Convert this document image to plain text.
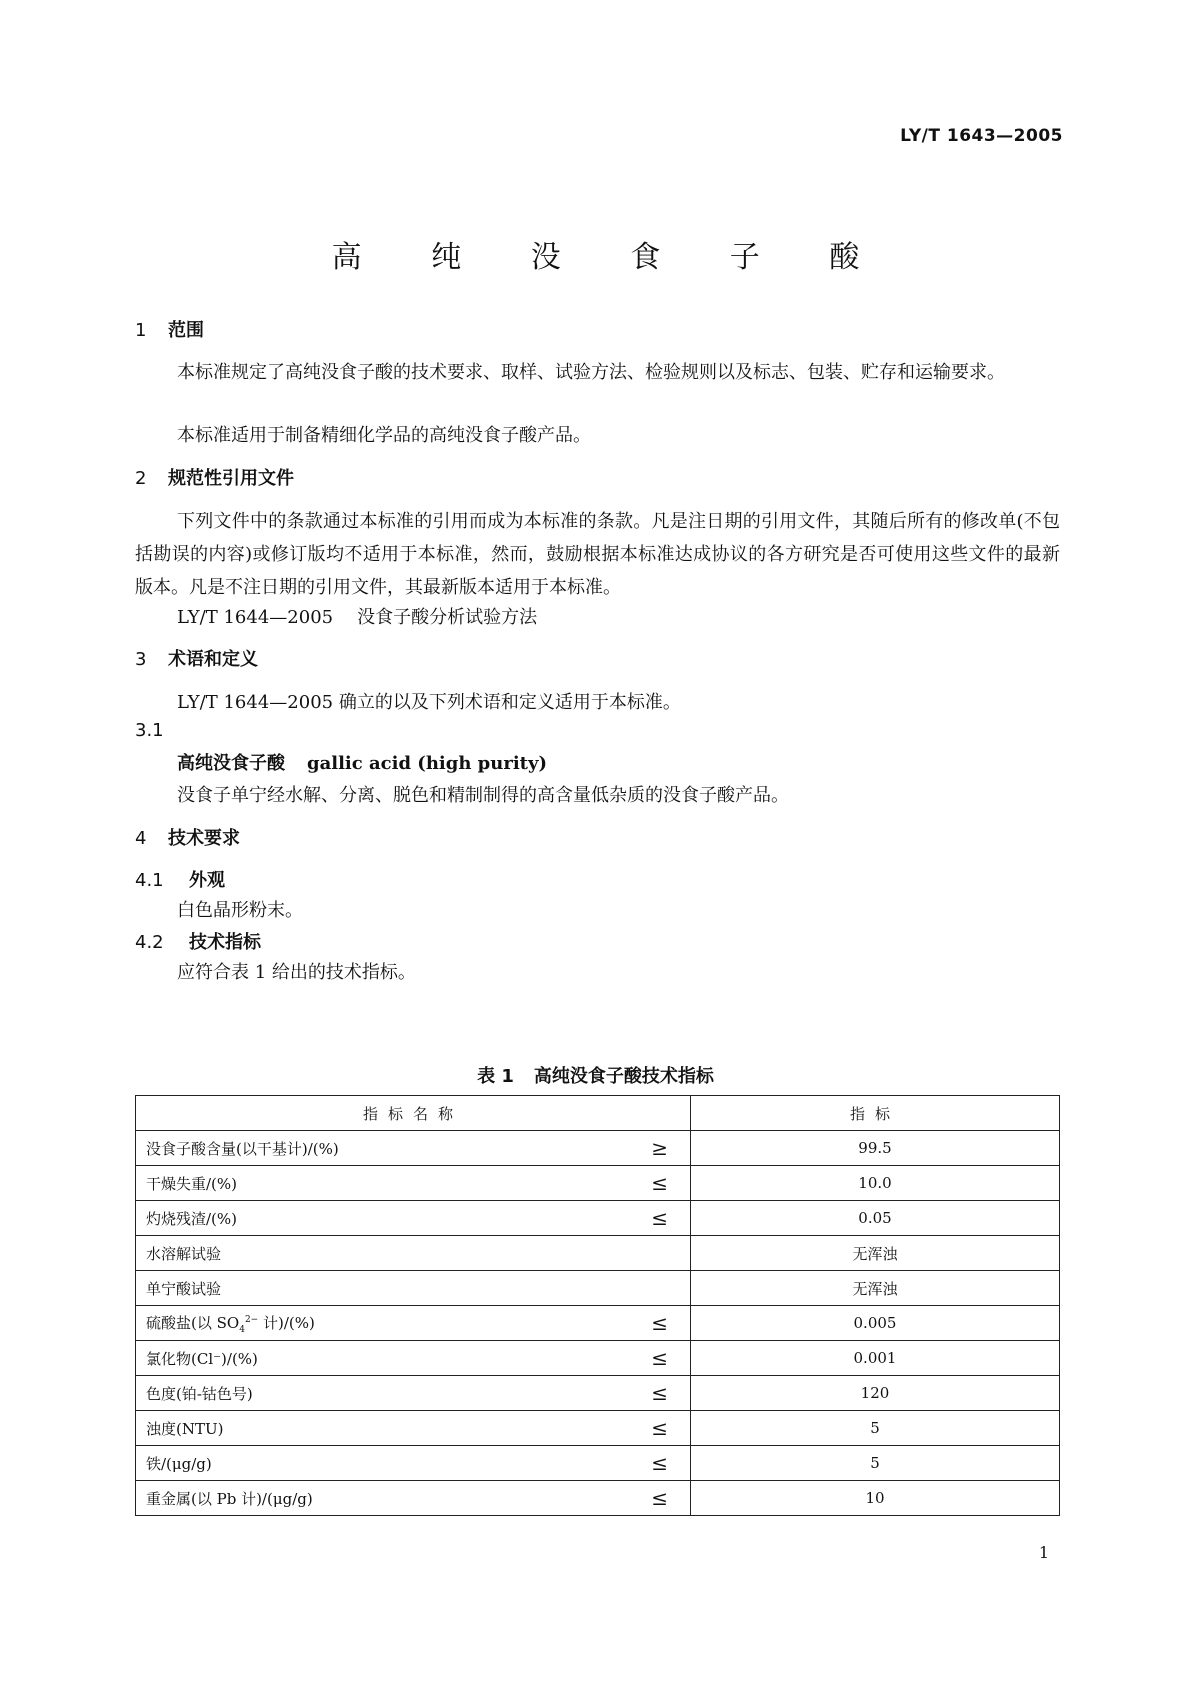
LY/T 1643—2005
高 纯 没 食 子 酸
1 范围
本标准规定了高纯没食子酸的技术要求、取样、试验方法、检验规则以及标志、包装、贮存和运输要求。
本标准适用于制备精细化学品的高纯没食子酸产品。
2 规范性引用文件
下列文件中的条款通过本标准的引用而成为本标准的条款。凡是注日期的引用文件，其随后所有的修改单(不包括勘误的内容)或修订版均不适用于本标准，然而，鼓励根据本标准达成协议的各方研究是否可使用这些文件的最新版本。凡是不注日期的引用文件，其最新版本适用于本标准。
LY/T 1644—2005 没食子酸分析试验方法
3 术语和定义
LY/T 1644—2005 确立的以及下列术语和定义适用于本标准。
3.1
高纯没食子酸 gallic acid (high purity)
没食子单宁经水解、分离、脱色和精制制得的高含量低杂质的没食子酸产品。
4 技术要求
4.1 外观
白色晶形粉末。
4.2 技术指标
应符合表 1 给出的技术指标。
表 1 高纯没食子酸技术指标
指标名称	指标
没食子酸含量(以干基计)/(%) ≥	99.5
干燥失重/(%) ≤	10.0
灼烧残渣/(%) ≤	0.05
水溶解试验	无浑浊
单宁酸试验	无浑浊
硫酸盐(以 $SO_4^{2-}$ 计)/(%) ≤	0.005
氯化物(Cl⁻)/(%) ≤	0.001
色度(铂-钴色号) ≤	120
浊度(NTU) ≤	5
铁/(μg/g) ≤	5
重金属(以 Pb 计)/(μg/g) ≤	10
1
